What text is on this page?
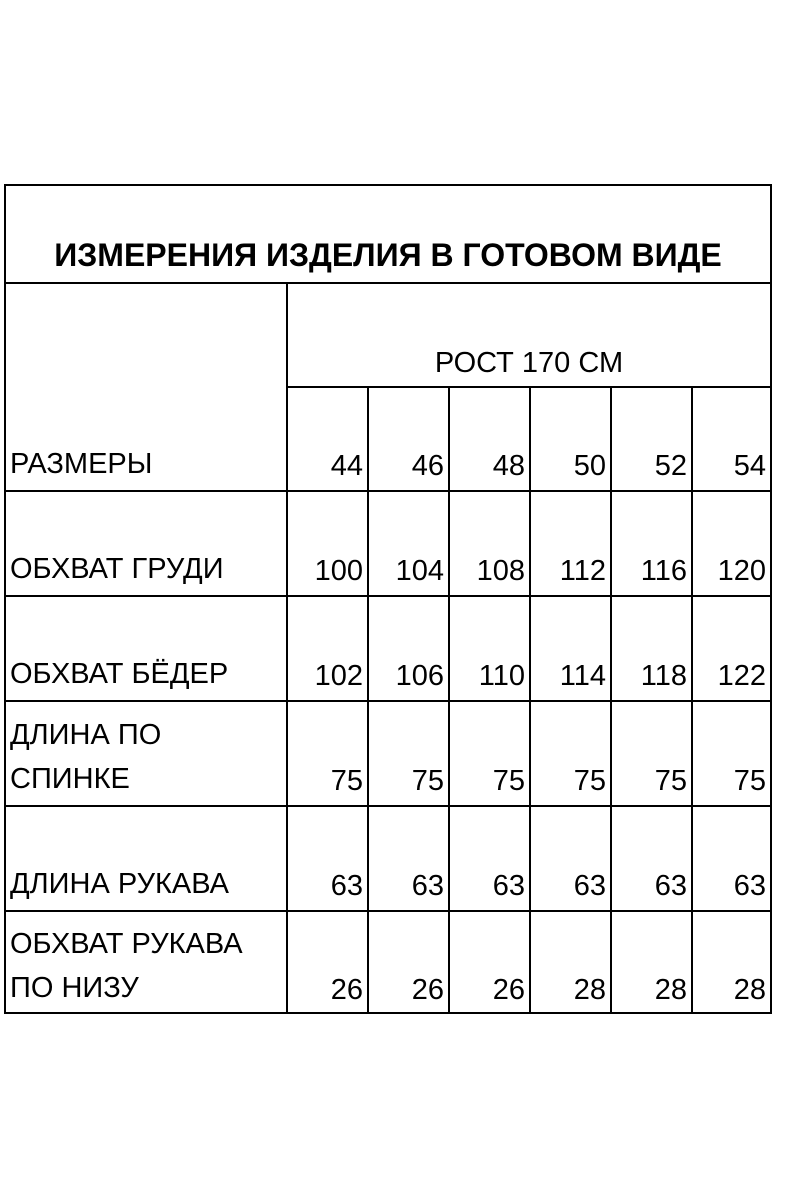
ИЗМЕРЕНИЯ ИЗДЕЛИЯ В ГОТОВОМ ВИДЕ
РОСТ 170 СМ
РАЗМЕРЫ	44 46 48 50 52 54
ОБХВАТ ГРУДИ	100 104 108 112 116 120
ОБХВАТ БЁДЕР	102 106 110 114 118 122
ДЛИНА ПО
СПИНКЕ	75 75 75 75 75 75
ДЛИНА РУКАВА	63 63 63 63 63 63
ОБХВАТ РУКАВА
ПО НИЗУ	26 26 26 28 28 28
